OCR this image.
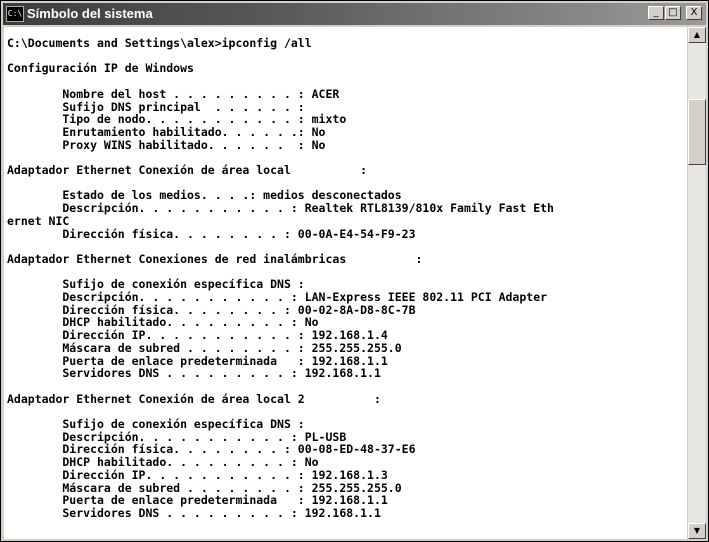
C:\ Símbolo del sistema	_ □	X
C:\Documents and Settings\alex>ipconfig /all
Configuración IP de Windows
Nombre del host . . . . . . . . . : ACER
Sufijo DNS principal  . . . . . . :
Tipo de nodo. . . . . . . . . . . : mixto
Enrutamiento habilitado. . . . . .: No
Proxy WINS habilitado. . . . . .  : No
Adaptador Ethernet Conexión de área local          :
Estado de los medios. . . .: medios desconectados
Descripción. . . . . . . . . . . : Realtek RTL8139/810x Family Fast Eth
ernet NIC
Dirección física. . . . . . . . : 00-0A-E4-54-F9-23
Adaptador Ethernet Conexiones de red inalámbricas          :
Sufijo de conexión específica DNS :
Descripción. . . . . . . . . . . : LAN-Express IEEE 802.11 PCI Adapter
Dirección física. . . . . . . . : 00-02-8A-D8-8C-7B
DHCP habilitado. . . . . . . . . : No
Dirección IP. . . . . . . . . . . : 192.168.1.4
Máscara de subred . . . . . . . . : 255.255.255.0
Puerta de enlace predeterminada   : 192.168.1.1
Servidores DNS . . . . . . . . . : 192.168.1.1
Adaptador Ethernet Conexión de área local 2          :
Sufijo de conexión específica DNS :
Descripción. . . . . . . . . . . : PL-USB
Dirección física. . . . . . . . : 00-08-ED-48-37-E6
DHCP habilitado. . . . . . . . . : No
Dirección IP. . . . . . . . . . . : 192.168.1.3
Máscara de subred . . . . . . . . : 255.255.255.0
Puerta de enlace predeterminada   : 192.168.1.1
Servidores DNS . . . . . . . . . : 192.168.1.1
▲
▼
